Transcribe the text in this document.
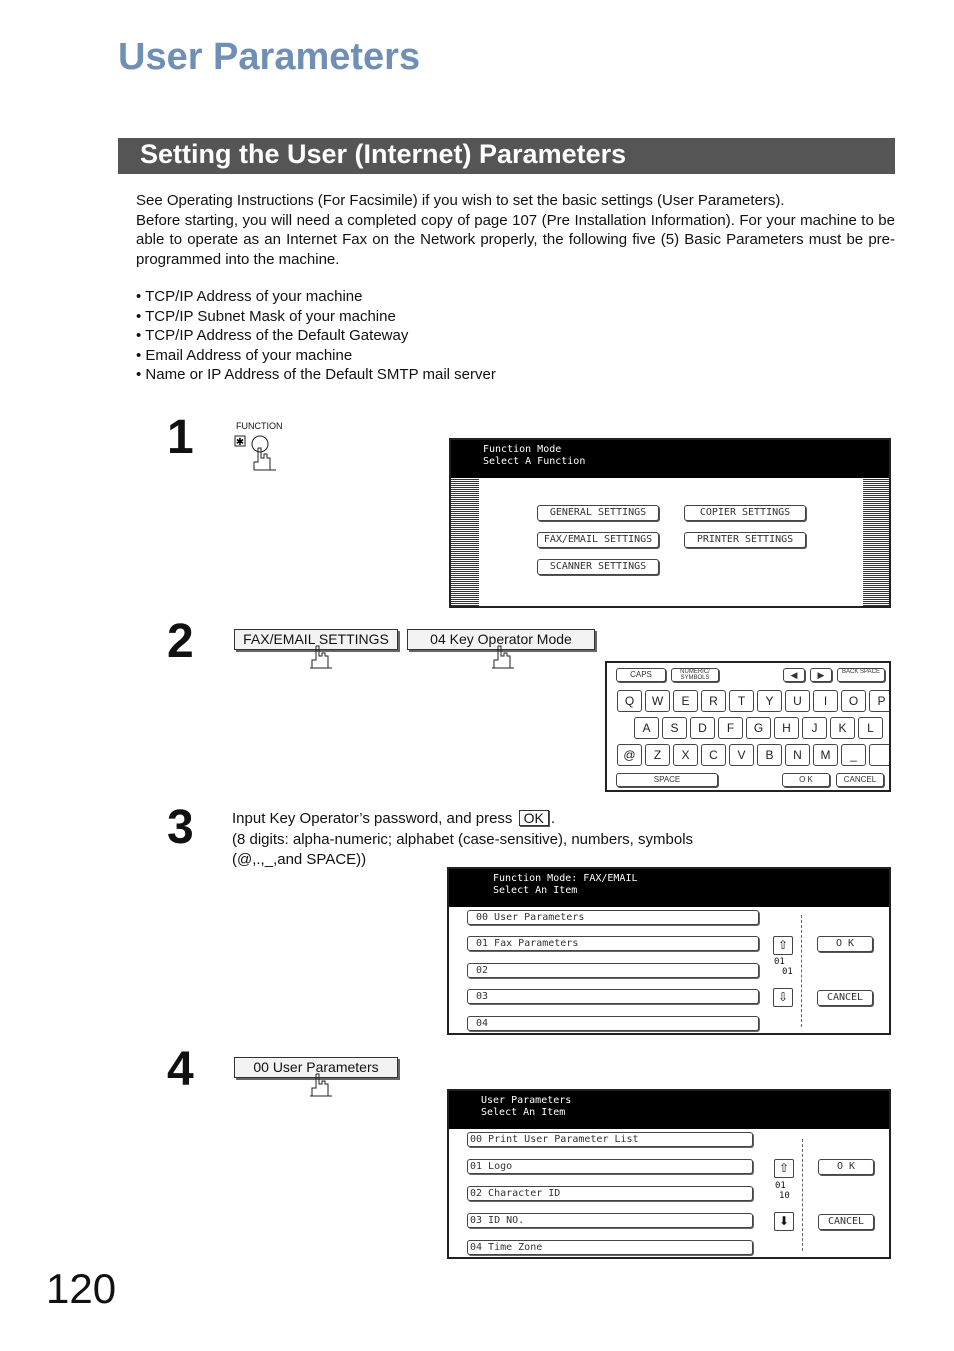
User Parameters
Setting the User (Internet) Parameters
See Operating Instructions (For Facsimile) if you wish to set the basic settings (User Parameters).
Before starting, you will need a completed copy of page 107 (Pre Installation Information). For your machine to be able to operate as an Internet Fax on the Network properly, the following five (5) Basic Parameters must be pre-programmed into the machine.
• TCP/IP Address of your machine
• TCP/IP Subnet Mask of your machine
• TCP/IP Address of the Default Gateway
• Email Address of your machine
• Name or IP Address of the Default SMTP mail server
1	FUNCTION
✱
Function Mode
Select A Function
GENERAL SETTINGS	COPIER SETTINGS
FAX/EMAIL SETTINGS	PRINTER SETTINGS
SCANNER SETTINGS
2	FAX/EMAIL SETTINGS	04 Key Operator Mode
CAPS	NUMERIC/ SYMBOLS	◀	▶	BACK SPACE
Q	W	E	R	T	Y	U	I	O	P
A	S	D	F	G	H	J	K	L
@	Z	X	C	V	B	N	M	_
SPACE	O K	CANCEL
3	Input Key Operator’s password, and press OK .
(8 digits: alpha-numeric; alphabet (case-sensitive), numbers, symbols
(@,.,_,and SPACE))
Function Mode: FAX/EMAIL
Select An Item
00 User Parameters
01 Fax Parameters
02
03
04
⇧
01
01
⇩
O K
CANCEL
4	00 User Parameters
User Parameters
Select An Item
00 Print User Parameter List
01 Logo
02 Character ID
03 ID NO.
04 Time Zone
⇧
01
10
⬇
O K
CANCEL
120
